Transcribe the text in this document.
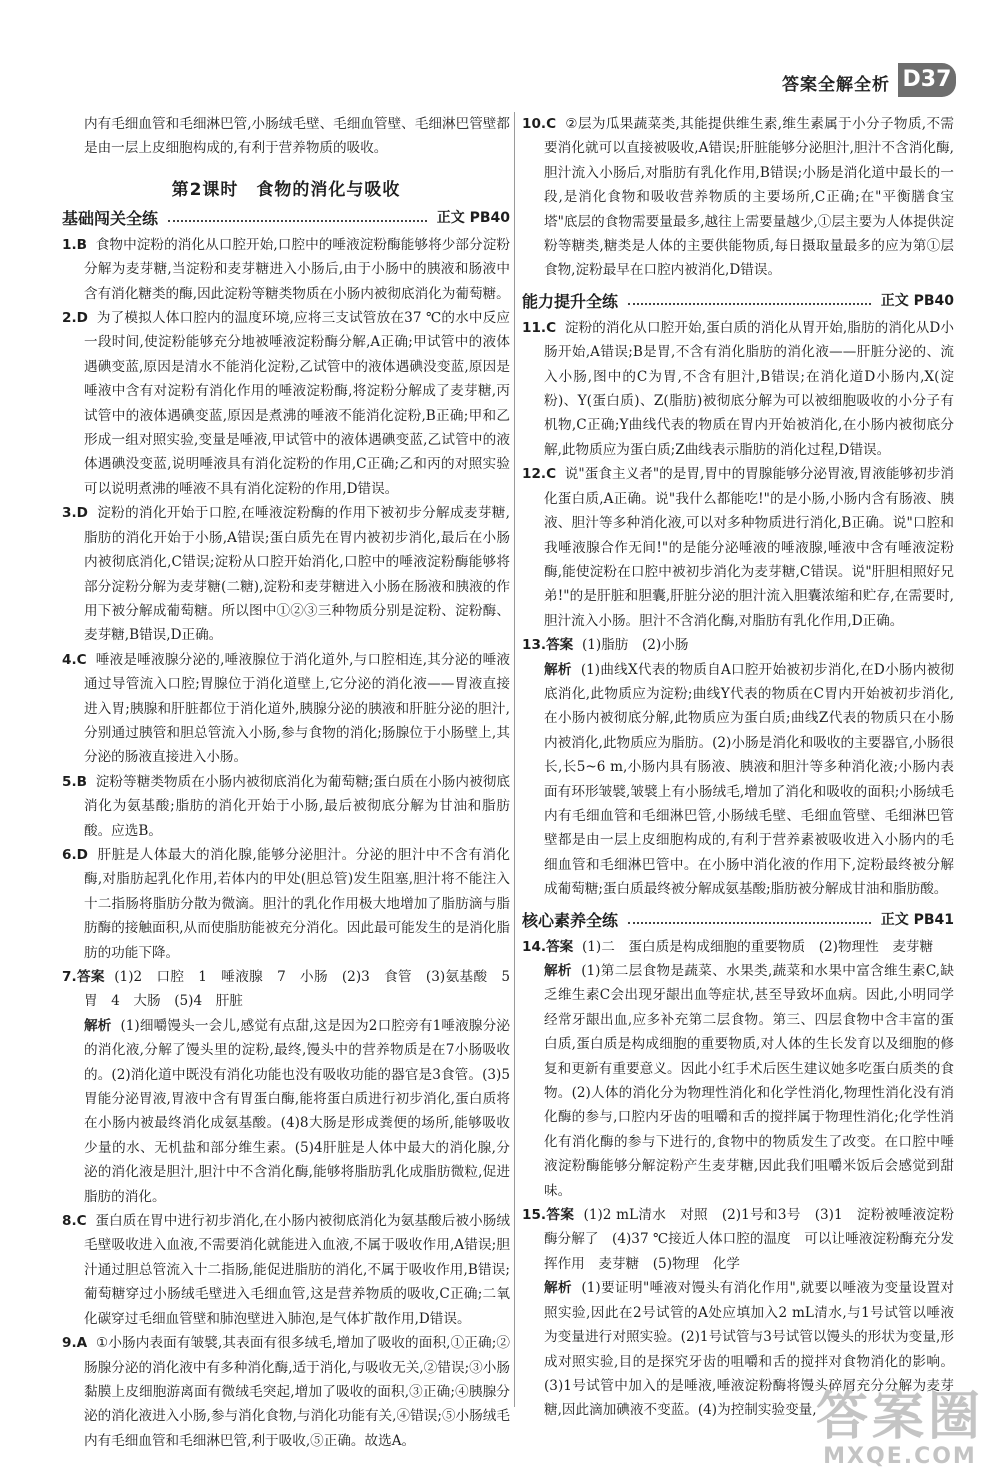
答案全解全析 D37

内有毛细血管和毛细淋巴管,小肠绒毛壁、毛细血管壁、毛细淋巴管壁都是由一层上皮细胞构成的,有利于营养物质的吸收。

第2课时　食物的消化与吸收
基础闯关全练	正文 PB40

1.B 食物中淀粉的消化从口腔开始,口腔中的唾液淀粉酶能够将少部分淀粉分解为麦芽糖,当淀粉和麦芽糖进入小肠后,由于小肠中的胰液和肠液中含有消化糖类的酶,因此淀粉等糖类物质在小肠内被彻底消化为葡萄糖。

2.D 为了模拟人体口腔内的温度环境,应将三支试管放在37 ℃的水中反应一段时间,使淀粉能够充分地被唾液淀粉酶分解,A正确;甲试管中的液体遇碘变蓝,原因是清水不能消化淀粉,乙试管中的液体遇碘没变蓝,原因是唾液中含有对淀粉有消化作用的唾液淀粉酶,将淀粉分解成了麦芽糖,丙试管中的液体遇碘变蓝,原因是煮沸的唾液不能消化淀粉,B正确;甲和乙形成一组对照实验,变量是唾液,甲试管中的液体遇碘变蓝,乙试管中的液体遇碘没变蓝,说明唾液具有消化淀粉的作用,C正确;乙和丙的对照实验可以说明煮沸的唾液不具有消化淀粉的作用,D错误。

3.D 淀粉的消化开始于口腔,在唾液淀粉酶的作用下被初步分解成麦芽糖,脂肪的消化开始于小肠,A错误;蛋白质先在胃内被初步消化,最后在小肠内被彻底消化,C错误;淀粉从口腔开始消化,口腔中的唾液淀粉酶能够将部分淀粉分解为麦芽糖(二糖),淀粉和麦芽糖进入小肠在肠液和胰液的作用下被分解成葡萄糖。所以图中①②③三种物质分别是淀粉、淀粉酶、麦芽糖,B错误,D正确。

4.C 唾液是唾液腺分泌的,唾液腺位于消化道外,与口腔相连,其分泌的唾液通过导管流入口腔;胃腺位于消化道壁上,它分泌的消化液——胃液直接进入胃;胰腺和肝脏都位于消化道外,胰腺分泌的胰液和肝脏分泌的胆汁,分别通过胰管和胆总管流入小肠,参与食物的消化;肠腺位于小肠壁上,其分泌的肠液直接进入小肠。

5.B 淀粉等糖类物质在小肠内被彻底消化为葡萄糖;蛋白质在小肠内被彻底消化为氨基酸;脂肪的消化开始于小肠,最后被彻底分解为甘油和脂肪酸。应选B。

6.D 肝脏是人体最大的消化腺,能够分泌胆汁。分泌的胆汁中不含有消化酶,对脂肪起乳化作用,若体内的甲处(胆总管)发生阻塞,胆汁将不能注入十二指肠将脂肪分散为微滴。胆汁的乳化作用极大地增加了脂肪滴与脂肪酶的接触面积,从而使脂肪能被充分消化。因此最可能发生的是消化脂肪的功能下降。

7.答案 (1)2　口腔　1　唾液腺　7　小肠　(2)3　食管　(3)氨基酸　5　胃　4　大肠　(5)4　肝脏

解析 (1)细嚼馒头一会儿,感觉有点甜,这是因为2口腔旁有1唾液腺分泌的消化液,分解了馒头里的淀粉,最终,馒头中的营养物质是在7小肠吸收的。(2)消化道中既没有消化功能也没有吸收功能的器官是3食管。(3)5胃能分泌胃液,胃液中含有胃蛋白酶,能将蛋白质进行初步消化,蛋白质将在小肠内被最终消化成氨基酸。(4)8大肠是形成粪便的场所,能够吸收少量的水、无机盐和部分维生素。(5)4肝脏是人体中最大的消化腺,分泌的消化液是胆汁,胆汁中不含消化酶,能够将脂肪乳化成脂肪微粒,促进脂肪的消化。

8.C 蛋白质在胃中进行初步消化,在小肠内被彻底消化为氨基酸后被小肠绒毛壁吸收进入血液,不需要消化就能进入血液,不属于吸收作用,A错误;胆汁通过胆总管流入十二指肠,能促进脂肪的消化,不属于吸收作用,B错误;葡萄糖穿过小肠绒毛壁进入毛细血管,这是营养物质的吸收,C正确;二氧化碳穿过毛细血管壁和肺泡壁进入肺泡,是气体扩散作用,D错误。

9.A ①小肠内表面有皱襞,其表面有很多绒毛,增加了吸收的面积,①正确;②肠腺分泌的消化液中有多种消化酶,适于消化,与吸收无关,②错误;③小肠黏膜上皮细胞游离面有微绒毛突起,增加了吸收的面积,③正确;④胰腺分泌的消化液进入小肠,参与消化食物,与消化功能有关,④错误;⑤小肠绒毛内有毛细血管和毛细淋巴管,利于吸收,⑤正确。故选A。

10.C ②层为瓜果蔬菜类,其能提供维生素,维生素属于小分子物质,不需要消化就可以直接被吸收,A错误;肝脏能够分泌胆汁,胆汁不含消化酶,胆汁流入小肠后,对脂肪有乳化作用,B错误;小肠是消化道中最长的一段,是消化食物和吸收营养物质的主要场所,C正确;在"平衡膳食宝塔"底层的食物需要量最多,越往上需要量越少,①层主要为人体提供淀粉等糖类,糖类是人体的主要供能物质,每日摄取量最多的应为第①层食物,淀粉最早在口腔内被消化,D错误。

能力提升全练	正文 PB40

11.C 淀粉的消化从口腔开始,蛋白质的消化从胃开始,脂肪的消化从D小肠开始,A错误;B是胃,不含有消化脂肪的消化液——肝脏分泌的、流入小肠,图中的C为胃,不含有胆汁,B错误;在消化道D小肠内,X(淀粉)、Y(蛋白质)、Z(脂肪)被彻底分解为可以被细胞吸收的小分子有机物,C正确;Y曲线代表的物质在胃内开始被消化,在小肠内被彻底分解,此物质应为蛋白质;Z曲线表示脂肪的消化过程,D错误。

12.C 说"蛋食主义者"的是胃,胃中的胃腺能够分泌胃液,胃液能够初步消化蛋白质,A正确。说"我什么都能吃!"的是小肠,小肠内含有肠液、胰液、胆汁等多种消化液,可以对多种物质进行消化,B正确。说"口腔和我唾液腺合作无间!"的是能分泌唾液的唾液腺,唾液中含有唾液淀粉酶,能使淀粉在口腔中被初步消化为麦芽糖,C错误。说"肝胆相照好兄弟!"的是肝脏和胆囊,肝脏分泌的胆汁流入胆囊浓缩和贮存,在需要时,胆汁流入小肠。胆汁不含消化酶,对脂肪有乳化作用,D正确。

13.答案 (1)脂肪　(2)小肠

解析 (1)曲线X代表的物质自A口腔开始被初步消化,在D小肠内被彻底消化,此物质应为淀粉;曲线Y代表的物质在C胃内开始被初步消化,在小肠内被彻底分解,此物质应为蛋白质;曲线Z代表的物质只在小肠内被消化,此物质应为脂肪。(2)小肠是消化和吸收的主要器官,小肠很长,长5~6 m,小肠内具有肠液、胰液和胆汁等多种消化液;小肠内表面有环形皱襞,皱襞上有小肠绒毛,增加了消化和吸收的面积;小肠绒毛内有毛细血管和毛细淋巴管,小肠绒毛壁、毛细血管壁、毛细淋巴管壁都是由一层上皮细胞构成的,有利于营养素被吸收进入小肠内的毛细血管和毛细淋巴管中。在小肠中消化液的作用下,淀粉最终被分解成葡萄糖;蛋白质最终被分解成氨基酸;脂肪被分解成甘油和脂肪酸。

核心素养全练	正文 PB41

14.答案 (1)二　蛋白质是构成细胞的重要物质　(2)物理性　麦芽糖

解析 (1)第二层食物是蔬菜、水果类,蔬菜和水果中富含维生素C,缺乏维生素C会出现牙龈出血等症状,甚至导致坏血病。因此,小明同学经常牙龈出血,应多补充第二层食物。第三、四层食物中含丰富的蛋白质,蛋白质是构成细胞的重要物质,对人体的生长发育以及细胞的修复和更新有重要意义。因此小红手术后医生建议她多吃蛋白质类的食物。(2)人体的消化分为物理性消化和化学性消化,物理性消化没有消化酶的参与,口腔内牙齿的咀嚼和舌的搅拌属于物理性消化;化学性消化有消化酶的参与下进行的,食物中的物质发生了改变。在口腔中唾液淀粉酶能够分解淀粉产生麦芽糖,因此我们咀嚼米饭后会感觉到甜味。

15.答案 (1)2 mL清水　对照　(2)1号和3号　(3)1　淀粉被唾液淀粉酶分解了　(4)37 ℃接近人体口腔的温度　可以让唾液淀粉酶充分发挥作用　麦芽糖　(5)物理　化学

解析 (1)要证明"唾液对馒头有消化作用",就要以唾液为变量设置对照实验,因此在2号试管的A处应填加入2 mL清水,与1号试管以唾液为变量进行对照实验。(2)1号试管与3号试管以馒头的形状为变量,形成对照实验,目的是探究牙齿的咀嚼和舌的搅拌对食物消化的影响。(3)1号试管中加入的是唾液,唾液淀粉酶将馒头碎屑充分分解为麦芽糖,因此滴加碘液不变蓝。(4)为控制实验变量, 答案圈
MXQE.COM
